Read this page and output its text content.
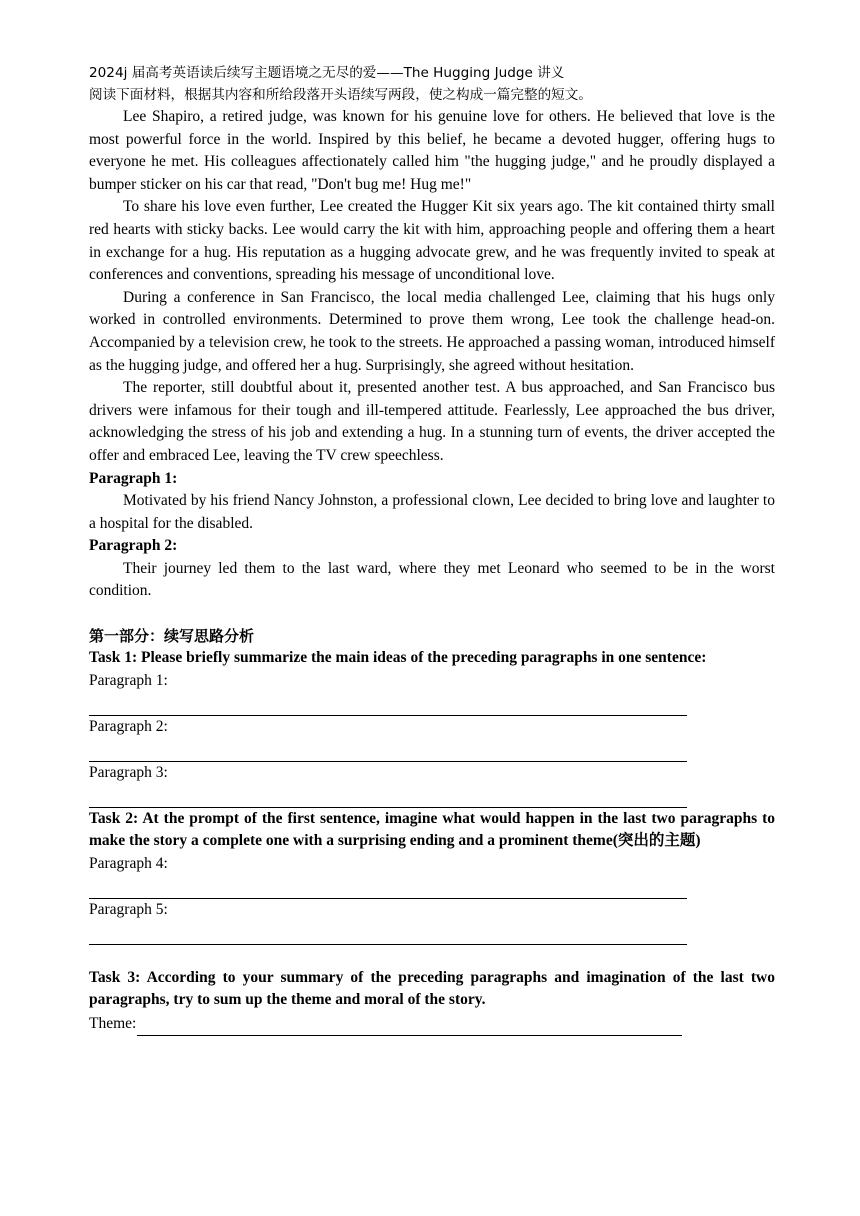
2024j 届高考英语读后续写主题语境之无尽的爱——The Hugging Judge 讲义
阅读下面材料，根据其内容和所给段落开头语续写两段，使之构成一篇完整的短文。

Lee Shapiro, a retired judge, was known for his genuine love for others. He believed that love is the most powerful force in the world. Inspired by this belief, he became a devoted hugger, offering hugs to everyone he met. His colleagues affectionately called him "the hugging judge," and he proudly displayed a bumper sticker on his car that read, "Don't bug me! Hug me!"

To share his love even further, Lee created the Hugger Kit six years ago. The kit contained thirty small red hearts with sticky backs. Lee would carry the kit with him, approaching people and offering them a heart in exchange for a hug. His reputation as a hugging advocate grew, and he was frequently invited to speak at conferences and conventions, spreading his message of unconditional love.

During a conference in San Francisco, the local media challenged Lee, claiming that his hugs only worked in controlled environments. Determined to prove them wrong, Lee took the challenge head-on. Accompanied by a television crew, he took to the streets. He approached a passing woman, introduced himself as the hugging judge, and offered her a hug. Surprisingly, she agreed without hesitation.

The reporter, still doubtful about it, presented another test. A bus approached, and San Francisco bus drivers were infamous for their tough and ill-tempered attitude. Fearlessly, Lee approached the bus driver, acknowledging the stress of his job and extending a hug. In a stunning turn of events, the driver accepted the offer and embraced Lee, leaving the TV crew speechless.

Paragraph 1:

Motivated by his friend Nancy Johnston, a professional clown, Lee decided to bring love and laughter to a hospital for the disabled.

Paragraph 2:

Their journey led them to the last ward, where they met Leonard who seemed to be in the worst condition.

第一部分：续写思路分析

Task 1: Please briefly summarize the main ideas of the preceding paragraphs in one sentence:

Paragraph 1:

Paragraph 2:

Paragraph 3:

Task 2: At the prompt of the first sentence, imagine what would happen in the last two paragraphs to make the story a complete one with a surprising ending and a prominent theme(突出的主题)

Paragraph 4:

Paragraph 5:

Task 3: According to your summary of the preceding paragraphs and imagination of the last two paragraphs, try to sum up the theme and moral of the story.

Theme:
